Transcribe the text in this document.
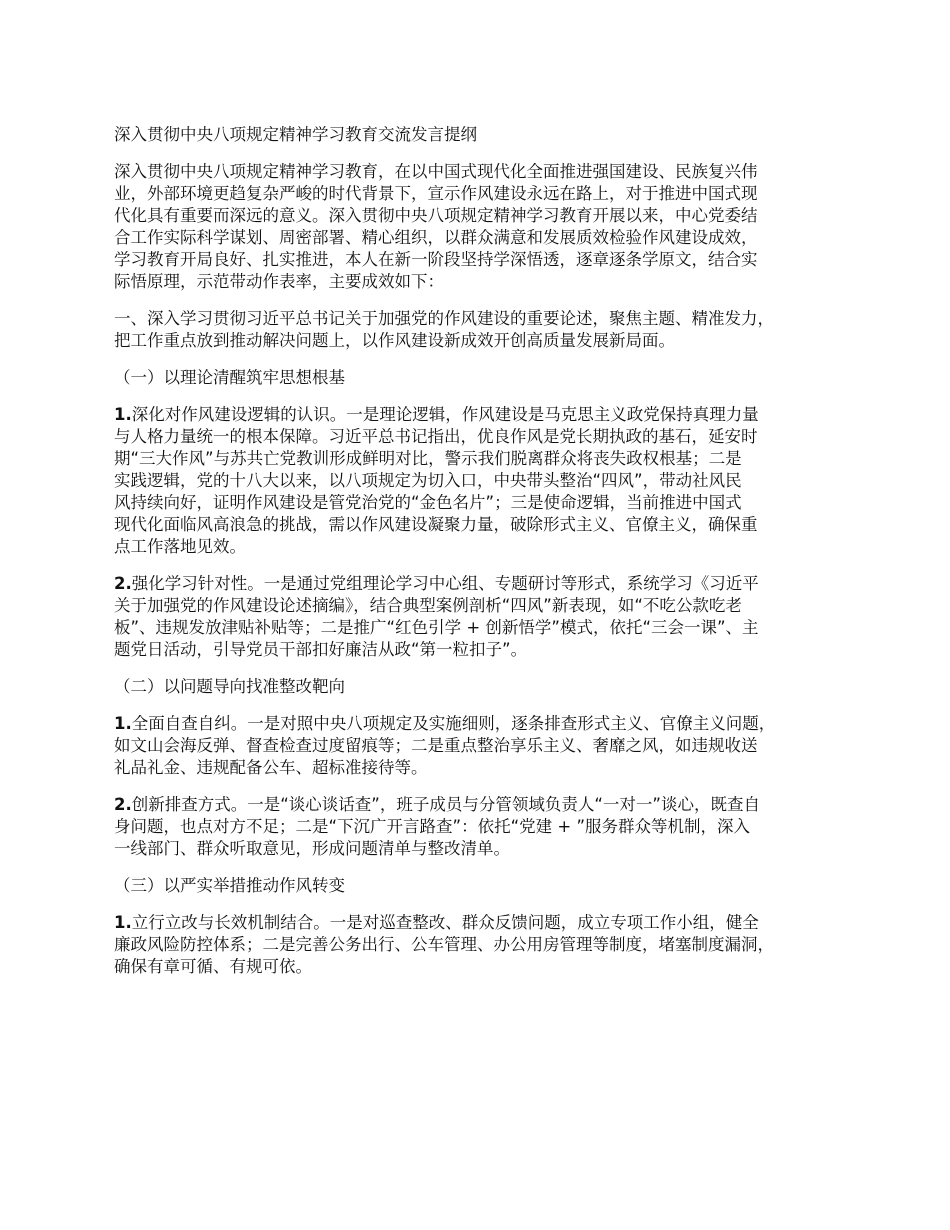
深入贯彻中央八项规定精神学习教育交流发言提纲
深入贯彻中央八项规定精神学习教育，在以中国式现代化全面推进强国建设、民族复兴伟
业，外部环境更趋复杂严峻的时代背景下，宣示作风建设永远在路上，对于推进中国式现
代化具有重要而深远的意义。深入贯彻中央八项规定精神学习教育开展以来，中心党委结
合工作实际科学谋划、周密部署、精心组织，以群众满意和发展质效检验作风建设成效，
学习教育开局良好、扎实推进，本人在新一阶段坚持学深悟透，逐章逐条学原文，结合实
际悟原理，示范带动作表率，主要成效如下：
一、深入学习贯彻习近平总书记关于加强党的作风建设的重要论述，聚焦主题、精准发力，
把工作重点放到推动解决问题上，以作风建设新成效开创高质量发展新局面。
（一）以理论清醒筑牢思想根基
1.深化对作风建设逻辑的认识。一是理论逻辑，作风建设是马克思主义政党保持真理力量
与人格力量统一的根本保障。习近平总书记指出，优良作风是党长期执政的基石，延安时
期“三大作风”与苏共亡党教训形成鲜明对比，警示我们脱离群众将丧失政权根基；二是
实践逻辑，党的十八大以来，以八项规定为切入口，中央带头整治“四风”，带动社风民
风持续向好，证明作风建设是管党治党的“金色名片”；三是使命逻辑，当前推进中国式
现代化面临风高浪急的挑战，需以作风建设凝聚力量，破除形式主义、官僚主义，确保重
点工作落地见效。
2.强化学习针对性。一是通过党组理论学习中心组、专题研讨等形式，系统学习《习近平
关于加强党的作风建设论述摘编》，结合典型案例剖析“四风”新表现，如“不吃公款吃老
板”、违规发放津贴补贴等；二是推广“红色引学 + 创新悟学”模式，依托“三会一课”、主
题党日活动，引导党员干部扣好廉洁从政“第一粒扣子”。
（二）以问题导向找准整改靶向
1.全面自查自纠。一是对照中央八项规定及实施细则，逐条排查形式主义、官僚主义问题，
如文山会海反弹、督查检查过度留痕等；二是重点整治享乐主义、奢靡之风，如违规收送
礼品礼金、违规配备公车、超标准接待等。
2.创新排查方式。一是“谈心谈话查”，班子成员与分管领域负责人“一对一”谈心，既查自
身问题，也点对方不足；二是“下沉广开言路查”：依托“党建 + ”服务群众等机制，深入
一线部门、群众听取意见，形成问题清单与整改清单。
（三）以严实举措推动作风转变
1.立行立改与长效机制结合。一是对巡查整改、群众反馈问题，成立专项工作小组，健全
廉政风险防控体系；二是完善公务出行、公车管理、办公用房管理等制度，堵塞制度漏洞，
确保有章可循、有规可依。
